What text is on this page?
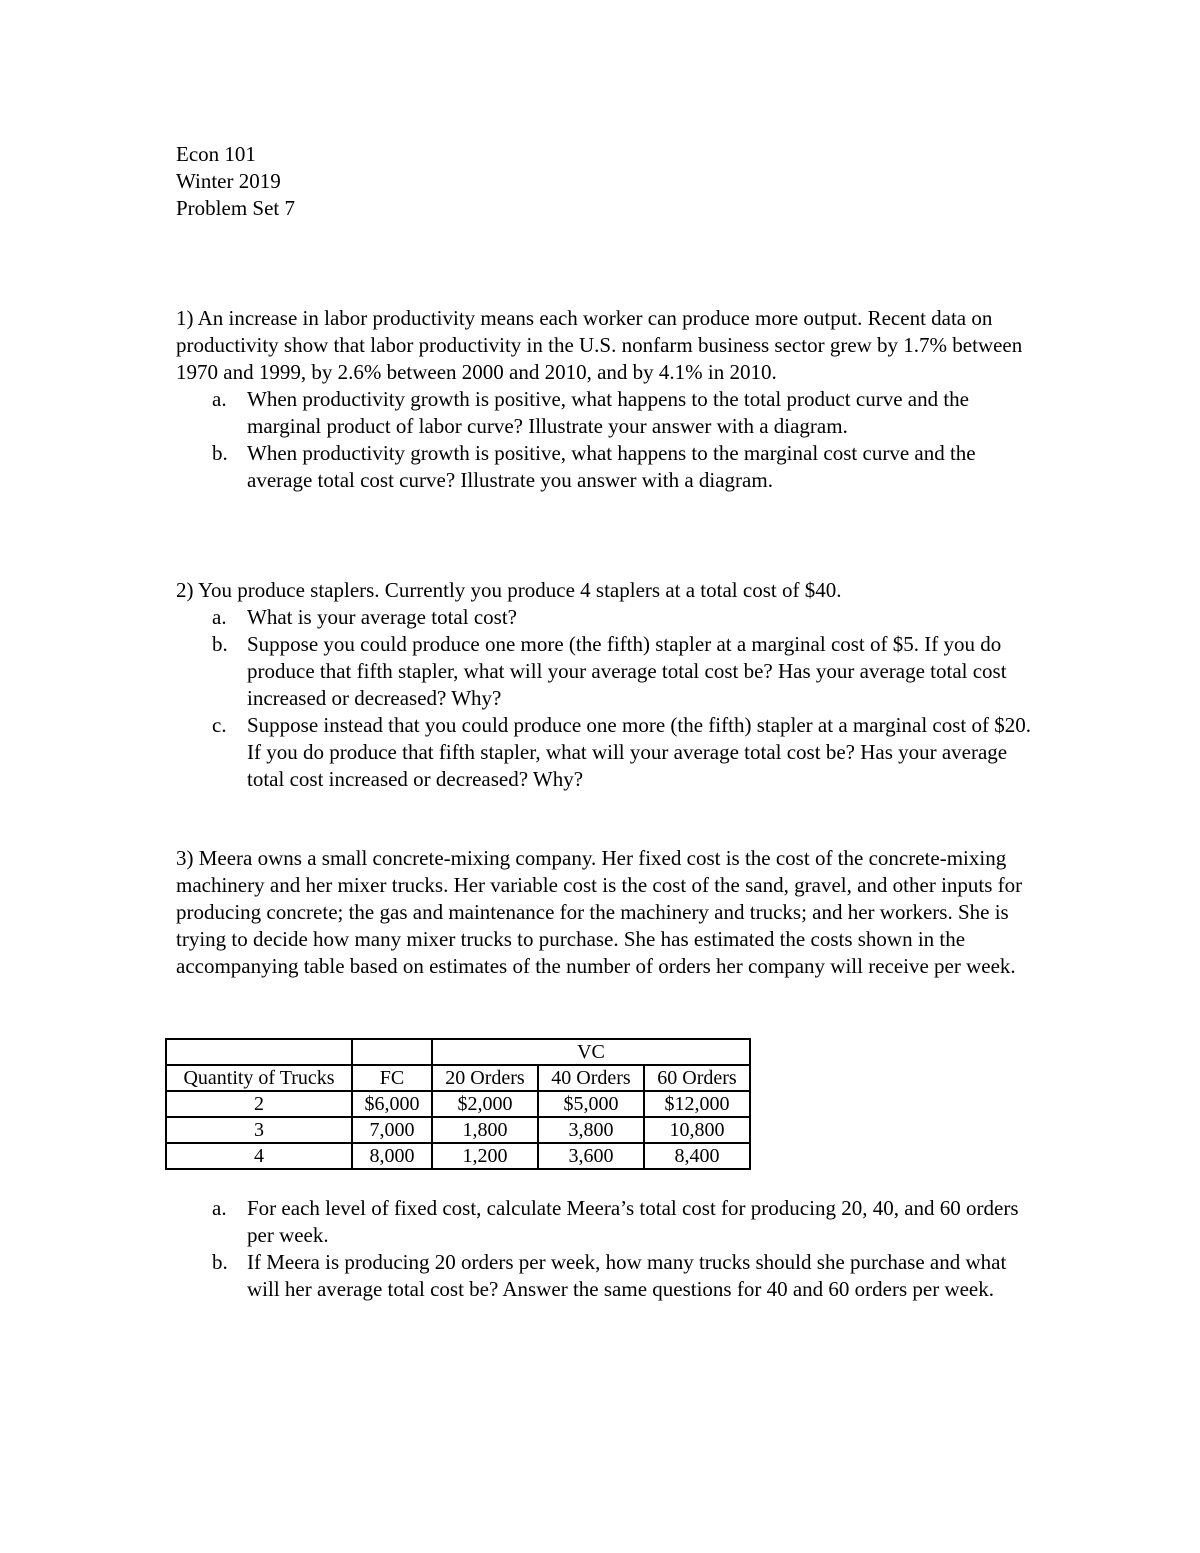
Econ 101
Winter 2019
Problem Set 7

1) An increase in labor productivity means each worker can produce more output. Recent data on productivity show that labor productivity in the U.S. nonfarm business sector grew by 1.7% between 1970 and 1999, by 2.6% between 2000 and 2010, and by 4.1% in 2010.

a. When productivity growth is positive, what happens to the total product curve and the marginal product of labor curve? Illustrate your answer with a diagram.
b. When productivity growth is positive, what happens to the marginal cost curve and the average total cost curve? Illustrate you answer with a diagram.

2) You produce staplers. Currently you produce 4 staplers at a total cost of $40.

a. What is your average total cost?
b. Suppose you could produce one more (the fifth) stapler at a marginal cost of $5. If you do produce that fifth stapler, what will your average total cost be? Has your average total cost increased or decreased? Why?
c. Suppose instead that you could produce one more (the fifth) stapler at a marginal cost of $20. If you do produce that fifth stapler, what will your average total cost be? Has your average total cost increased or decreased? Why?

3) Meera owns a small concrete-mixing company. Her fixed cost is the cost of the concrete-mixing machinery and her mixer trucks. Her variable cost is the cost of the sand, gravel, and other inputs for producing concrete; the gas and maintenance for the machinery and trucks; and her workers. She is trying to decide how many mixer trucks to purchase. She has estimated the costs shown in the accompanying table based on estimates of the number of orders her company will receive per week.

		VC		
Quantity of Trucks	FC	20 Orders	40 Orders	60 Orders
2	$6,000	$2,000	$5,000	$12,000
3	7,000	1,800	3,800	10,800
4	8,000	1,200	3,600	8,400
a. For each level of fixed cost, calculate Meera’s total cost for producing 20, 40, and 60 orders per week.
b. If Meera is producing 20 orders per week, how many trucks should she purchase and what will her average total cost be? Answer the same questions for 40 and 60 orders per week.
